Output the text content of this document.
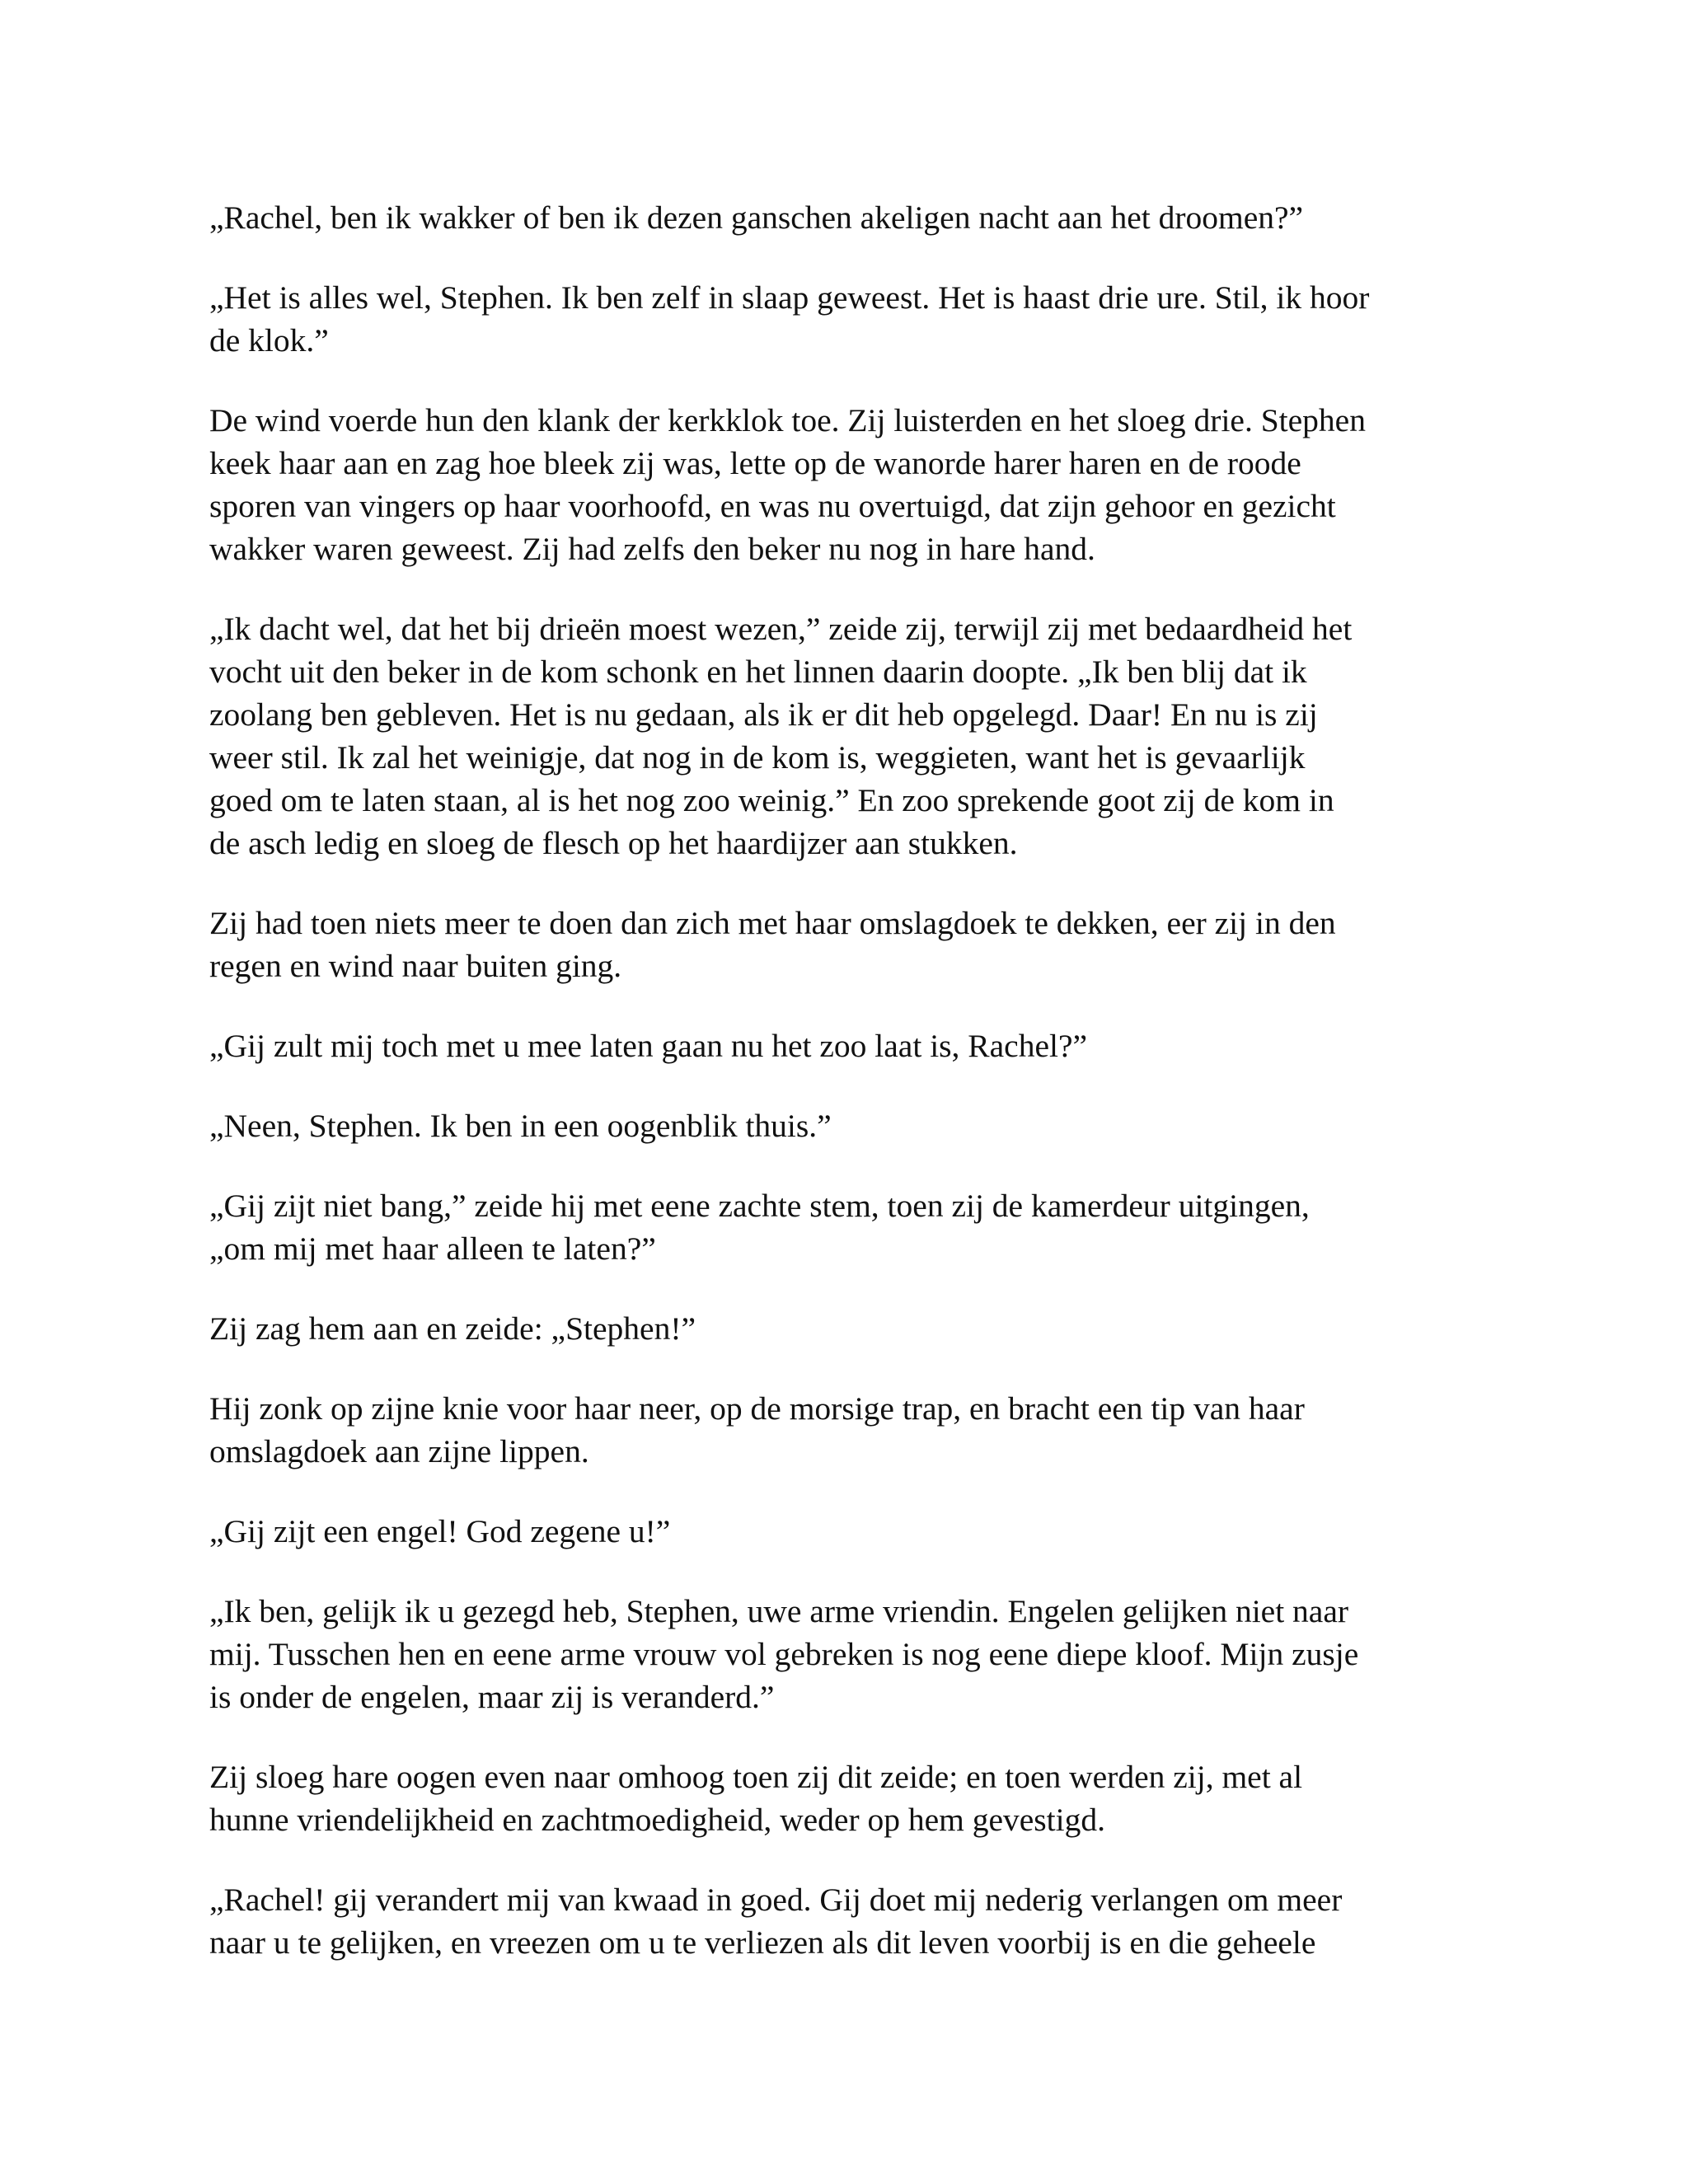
„Rachel, ben ik wakker of ben ik dezen ganschen akeligen nacht aan het droomen?”

„Het is alles wel, Stephen. Ik ben zelf in slaap geweest. Het is haast drie ure. Stil, ik hoor
de klok.”

De wind voerde hun den klank der kerkklok toe. Zij luisterden en het sloeg drie. Stephen
keek haar aan en zag hoe bleek zij was, lette op de wanorde harer haren en de roode
sporen van vingers op haar voorhoofd, en was nu overtuigd, dat zijn gehoor en gezicht
wakker waren geweest. Zij had zelfs den beker nu nog in hare hand.

„Ik dacht wel, dat het bij drieën moest wezen,” zeide zij, terwijl zij met bedaardheid het
vocht uit den beker in de kom schonk en het linnen daarin doopte. „Ik ben blij dat ik
zoolang ben gebleven. Het is nu gedaan, als ik er dit heb opgelegd. Daar! En nu is zij
weer stil. Ik zal het weinigje, dat nog in de kom is, weggieten, want het is gevaarlijk
goed om te laten staan, al is het nog zoo weinig.” En zoo sprekende goot zij de kom in
de asch ledig en sloeg de flesch op het haardijzer aan stukken.

Zij had toen niets meer te doen dan zich met haar omslagdoek te dekken, eer zij in den
regen en wind naar buiten ging.

„Gij zult mij toch met u mee laten gaan nu het zoo laat is, Rachel?”

„Neen, Stephen. Ik ben in een oogenblik thuis.”

„Gij zijt niet bang,” zeide hij met eene zachte stem, toen zij de kamerdeur uitgingen,
„om mij met haar alleen te laten?”

Zij zag hem aan en zeide: „Stephen!”

Hij zonk op zijne knie voor haar neer, op de morsige trap, en bracht een tip van haar
omslagdoek aan zijne lippen.

„Gij zijt een engel! God zegene u!”

„Ik ben, gelijk ik u gezegd heb, Stephen, uwe arme vriendin. Engelen gelijken niet naar
mij. Tusschen hen en eene arme vrouw vol gebreken is nog eene diepe kloof. Mijn zusje
is onder de engelen, maar zij is veranderd.”

Zij sloeg hare oogen even naar omhoog toen zij dit zeide; en toen werden zij, met al
hunne vriendelijkheid en zachtmoedigheid, weder op hem gevestigd.

„Rachel! gij verandert mij van kwaad in goed. Gij doet mij nederig verlangen om meer
naar u te gelijken, en vreezen om u te verliezen als dit leven voorbij is en die geheele
